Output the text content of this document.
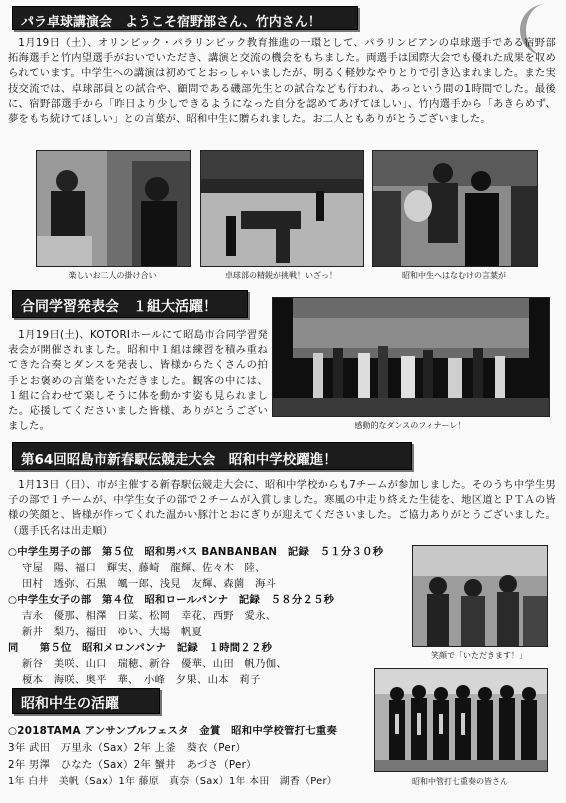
パラ卓球講演会　ようこそ宿野部さん、竹内さん！

1月19日（土）、オリンピック・パラリンピック教育推進の一環として、パラリンピアンの卓球選手である宿野部拓海選手と竹内望選手がおいでいただき、講演と交流の機会をもちました。両選手は国際大会でも優れた成果を収められています。中学生への講演は初めてとおっしゃいましたが、明るく軽妙なやりとりで引き込まれました。また実技交流では、卓球部員との試合や、顧問である磯部先生との試合なども行われ、あっという間の1時間でした。最後に、宿野部選手から「昨日より少しできるようになった自分を認めてあげてほしい」、竹内選手から「あきらめず、夢をもち続けてほしい」との言葉が、昭和中生に贈られました。お二人ともありがとうございました。

楽しいお二人の掛け合い	卓球部の精鋭が挑戦！いざっ！	昭和中生へはなむけの言葉が
合同学習発表会　１組大活躍！

1月19日(土)、KOTORIホールにて昭島市合同学習発表会が開催されました。昭和中１組は練習を積み重ねてきた合奏とダンスを発表し、皆様からたくさんの拍手とお褒めの言葉をいただきました。観客の中には、１組に合わせて楽しそうに体を動かす姿も見られました。応援してくださいました皆様、ありがとうございました。	感動的なダンスのフィナーレ！
第64回昭島市新春駅伝競走大会　昭和中学校躍進！

1月13日（日）、市が主催する新春駅伝競走大会に、昭和中学校からも7チームが参加しました。そのうち中学生男子の部で１チームが、中学生女子の部で２チームが入賞しました。寒風の中走り終えた生徒を、地区道とＰＴＡの皆様の笑顔と、皆様が作ってくれた温かい豚汁とおにぎりが迎えてくださいました。ご協力ありがとうございました。（選手氏名は出走順）

○中学生男子の部　第５位　昭和男バス BANBANBAN　記録　５１分３０秒
守屋　陽、福口　輝実、藤崎　龍輝、佐々木　陸、
田村　透弥、石黒　颯一郎、浅見　友輝、森薗　海斗
○中学生女子の部　第４位　昭和ロールパンナ　記録　５８分２５秒
吉永　優那、相澤　日菜、松岡　幸花、西野　愛永、
新井　梨乃、福田　ゆい、大場　帆夏
同　　第５位　昭和メロンパンナ　記録　１時間２２秒
新谷　美咲、山口　瑞穂、新谷　優華、山田　帆乃伽、
榎本　海咲、奥平　華、　小峰　夕果、山本　莉子
笑顔で「いただきます！」
昭和中生の活躍
○2018TAMA アンサンブルフェスタ　金賞　昭和中学校管打七重奏
3年 武田　万里永（Sax）2年 上釜　葵衣（Per）
2年 男澤　ひなた（Sax）2年 蟹井　あづさ（Per）
1年 白井　美帆（Sax）1年 藤原　真奈（Sax）1年 本田　湖香（Per）	昭和中管打七重奏の皆さん
